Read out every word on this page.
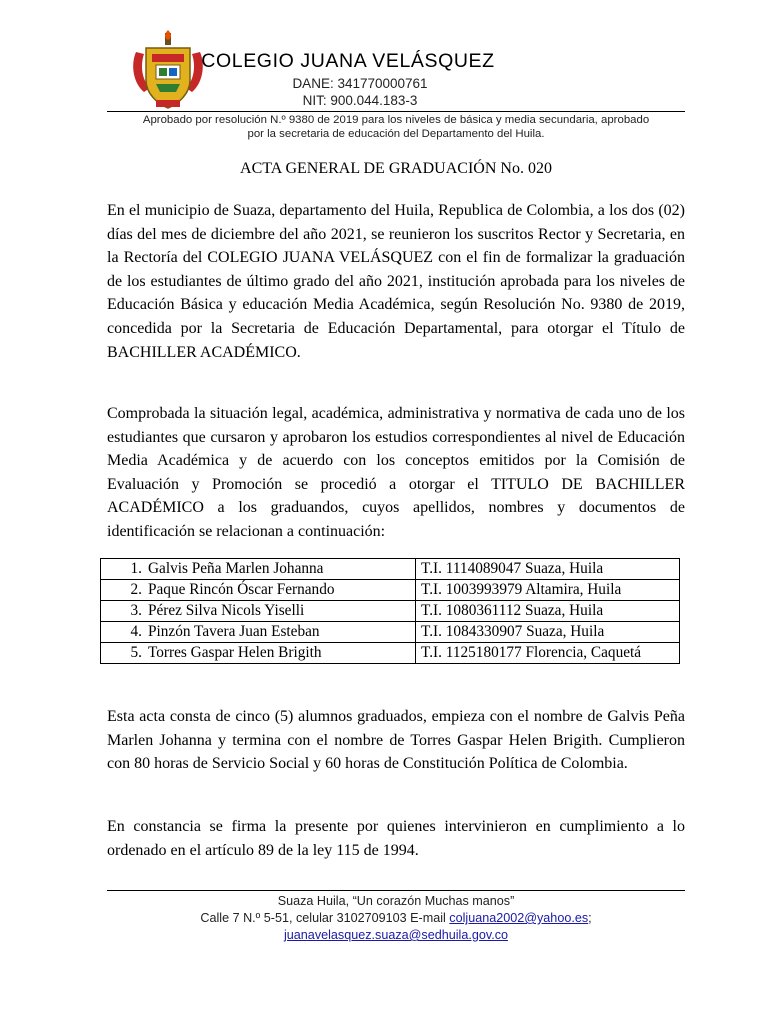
COLEGIO JUANA VELÁSQUEZ
DANE: 341770000761
NIT: 900.044.183-3
Aprobado por resolución N.º 9380 de 2019 para los niveles de básica y media secundaria, aprobado
por la secretaria de educación del Departamento del Huila.
ACTA GENERAL DE GRADUACIÓN No. 020

En el municipio de Suaza, departamento del Huila, Republica de Colombia, a los dos (02) días del mes de diciembre del año 2021, se reunieron los suscritos Rector y Secretaria, en la Rectoría del COLEGIO JUANA VELÁSQUEZ con el fin de formalizar la graduación de los estudiantes de último grado del año 2021, institución aprobada para los niveles de Educación Básica y educación Media Académica, según Resolución No. 9380 de 2019, concedida por la Secretaria de Educación Departamental, para otorgar el Título de BACHILLER ACADÉMICO.

Comprobada la situación legal, académica, administrativa y normativa de cada uno de los estudiantes que cursaron y aprobaron los estudios correspondientes al nivel de Educación Media Académica y de acuerdo con los conceptos emitidos por la Comisión de Evaluación y Promoción se procedió a otorgar el TITULO DE BACHILLER ACADÉMICO a los graduandos, cuyos apellidos, nombres y documentos de identificación se relacionan a continuación:

1. Galvis Peña Marlen Johanna	T.I. 1114089047 Suaza, Huila
2. Paque Rincón Óscar Fernando	T.I. 1003993979 Altamira, Huila
3. Pérez Silva Nicols Yiselli	T.I. 1080361112 Suaza, Huila
4. Pinzón Tavera Juan Esteban	T.I. 1084330907 Suaza, Huila
5. Torres Gaspar Helen Brigith	T.I. 1125180177 Florencia, Caquetá

Esta acta consta de cinco (5) alumnos graduados, empieza con el nombre de Galvis Peña Marlen Johanna y termina con el nombre de Torres Gaspar Helen Brigith. Cumplieron con 80 horas de Servicio Social y 60 horas de Constitución Política de Colombia.

En constancia se firma la presente por quienes intervinieron en cumplimiento a lo ordenado en el artículo 89 de la ley 115 de 1994.

Suaza Huila, “Un corazón Muchas manos”
Calle 7 N.º 5-51, celular 3102709103 E-mail coljuana2002@yahoo.es;
juanavelasquez.suaza@sedhuila.gov.co
